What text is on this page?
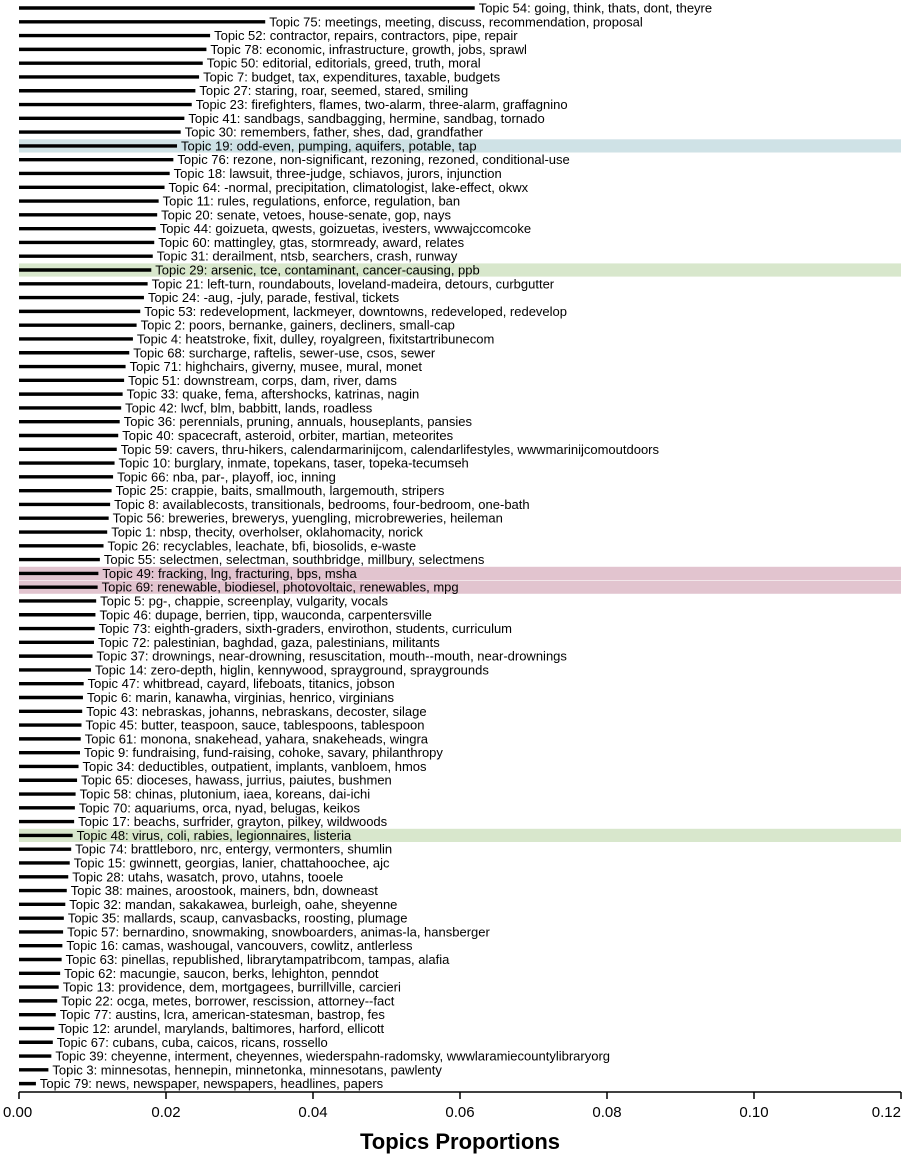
Topic 54: going, think, thats, dont, theyre
Topic 75: meetings, meeting, discuss, recommendation, proposal
Topic 52: contractor, repairs, contractors, pipe, repair
Topic 78: economic, infrastructure, growth, jobs, sprawl
Topic 50: editorial, editorials, greed, truth, moral
Topic 7: budget, tax, expenditures, taxable, budgets
Topic 27: staring, roar, seemed, stared, smiling
Topic 23: firefighters, flames, two-alarm, three-alarm, graffagnino
Topic 41: sandbags, sandbagging, hermine, sandbag, tornado
Topic 30: remembers, father, shes, dad, grandfather
Topic 19: odd-even, pumping, aquifers, potable, tap
Topic 76: rezone, non-significant, rezoning, rezoned, conditional-use
Topic 18: lawsuit, three-judge, schiavos, jurors, injunction
Topic 64: -normal, precipitation, climatologist, lake-effect, okwx
Topic 11: rules, regulations, enforce, regulation, ban
Topic 20: senate, vetoes, house-senate, gop, nays
Topic 44: goizueta, qwests, goizuetas, ivesters, wwwajccomcoke
Topic 60: mattingley, gtas, stormready, award, relates
Topic 31: derailment, ntsb, searchers, crash, runway
Topic 29: arsenic, tce, contaminant, cancer-causing, ppb
Topic 21: left-turn, roundabouts, loveland-madeira, detours, curbgutter
Topic 24: -aug, -july, parade, festival, tickets
Topic 53: redevelopment, lackmeyer, downtowns, redeveloped, redevelop
Topic 2: poors, bernanke, gainers, decliners, small-cap
Topic 4: heatstroke, fixit, dulley, royalgreen, fixitstartribunecom
Topic 68: surcharge, raftelis, sewer-use, csos, sewer
Topic 71: highchairs, giverny, musee, mural, monet
Topic 51: downstream, corps, dam, river, dams
Topic 33: quake, fema, aftershocks, katrinas, nagin
Topic 42: lwcf, blm, babbitt, lands, roadless
Topic 36: perennials, pruning, annuals, houseplants, pansies
Topic 40: spacecraft, asteroid, orbiter, martian, meteorites
Topic 59: cavers, thru-hikers, calendarmarinijcom, calendarlifestyles, wwwmarinijcomoutdoors
Topic 10: burglary, inmate, topekans, taser, topeka-tecumseh
Topic 66: nba, par-, playoff, ioc, inning
Topic 25: crappie, baits, smallmouth, largemouth, stripers
Topic 8: availablecosts, transitionals, bedrooms, four-bedroom, one-bath
Topic 56: breweries, brewerys, yuengling, microbreweries, heileman
Topic 1: nbsp, thecity, overholser, oklahomacity, norick
Topic 26: recyclables, leachate, bfi, biosolids, e-waste
Topic 55: selectmen, selectman, southbridge, millbury, selectmens
Topic 49: fracking, lng, fracturing, bps, msha
Topic 69: renewable, biodiesel, photovoltaic, renewables, mpg
Topic 5: pg-, chappie, screenplay, vulgarity, vocals
Topic 46: dupage, berrien, tipp, wauconda, carpentersville
Topic 73: eighth-graders, sixth-graders, envirothon, students, curriculum
Topic 72: palestinian, baghdad, gaza, palestinians, militants
Topic 37: drownings, near-drowning, resuscitation, mouth--mouth, near-drownings
Topic 14: zero-depth, higlin, kennywood, sprayground, spraygrounds
Topic 47: whitbread, cayard, lifeboats, titanics, jobson
Topic 6: marin, kanawha, virginias, henrico, virginians
Topic 43: nebraskas, johanns, nebraskans, decoster, silage
Topic 45: butter, teaspoon, sauce, tablespoons, tablespoon
Topic 61: monona, snakehead, yahara, snakeheads, wingra
Topic 9: fundraising, fund-raising, cohoke, savary, philanthropy
Topic 34: deductibles, outpatient, implants, vanbloem, hmos
Topic 65: dioceses, hawass, jurrius, paiutes, bushmen
Topic 58: chinas, plutonium, iaea, koreans, dai-ichi
Topic 70: aquariums, orca, nyad, belugas, keikos
Topic 17: beachs, surfrider, grayton, pilkey, wildwoods
Topic 48: virus, coli, rabies, legionnaires, listeria
Topic 74: brattleboro, nrc, entergy, vermonters, shumlin
Topic 15: gwinnett, georgias, lanier, chattahoochee, ajc
Topic 28: utahs, wasatch, provo, utahns, tooele
Topic 38: maines, aroostook, mainers, bdn, downeast
Topic 32: mandan, sakakawea, burleigh, oahe, sheyenne
Topic 35: mallards, scaup, canvasbacks, roosting, plumage
Topic 57: bernardino, snowmaking, snowboarders, animas-la, hansberger
Topic 16: camas, washougal, vancouvers, cowlitz, antlerless
Topic 63: pinellas, republished, librarytampatribcom, tampas, alafia
Topic 62: macungie, saucon, berks, lehighton, penndot
Topic 13: providence, dem, mortgagees, burrillville, carcieri
Topic 22: ocga, metes, borrower, rescission, attorney--fact
Topic 77: austins, lcra, american-statesman, bastrop, fes
Topic 12: arundel, marylands, baltimores, harford, ellicott
Topic 67: cubans, cuba, caicos, ricans, rossello
Topic 39: cheyenne, interment, cheyennes, wiederspahn-radomsky, wwwlaramiecountylibraryorg
Topic 3: minnesotas, hennepin, minnetonka, minnesotans, pawlenty
Topic 79: news, newspaper, newspapers, headlines, papers
0.00	0.02	0.04	0.06	0.08	0.10	0.12
Topics Proportions
